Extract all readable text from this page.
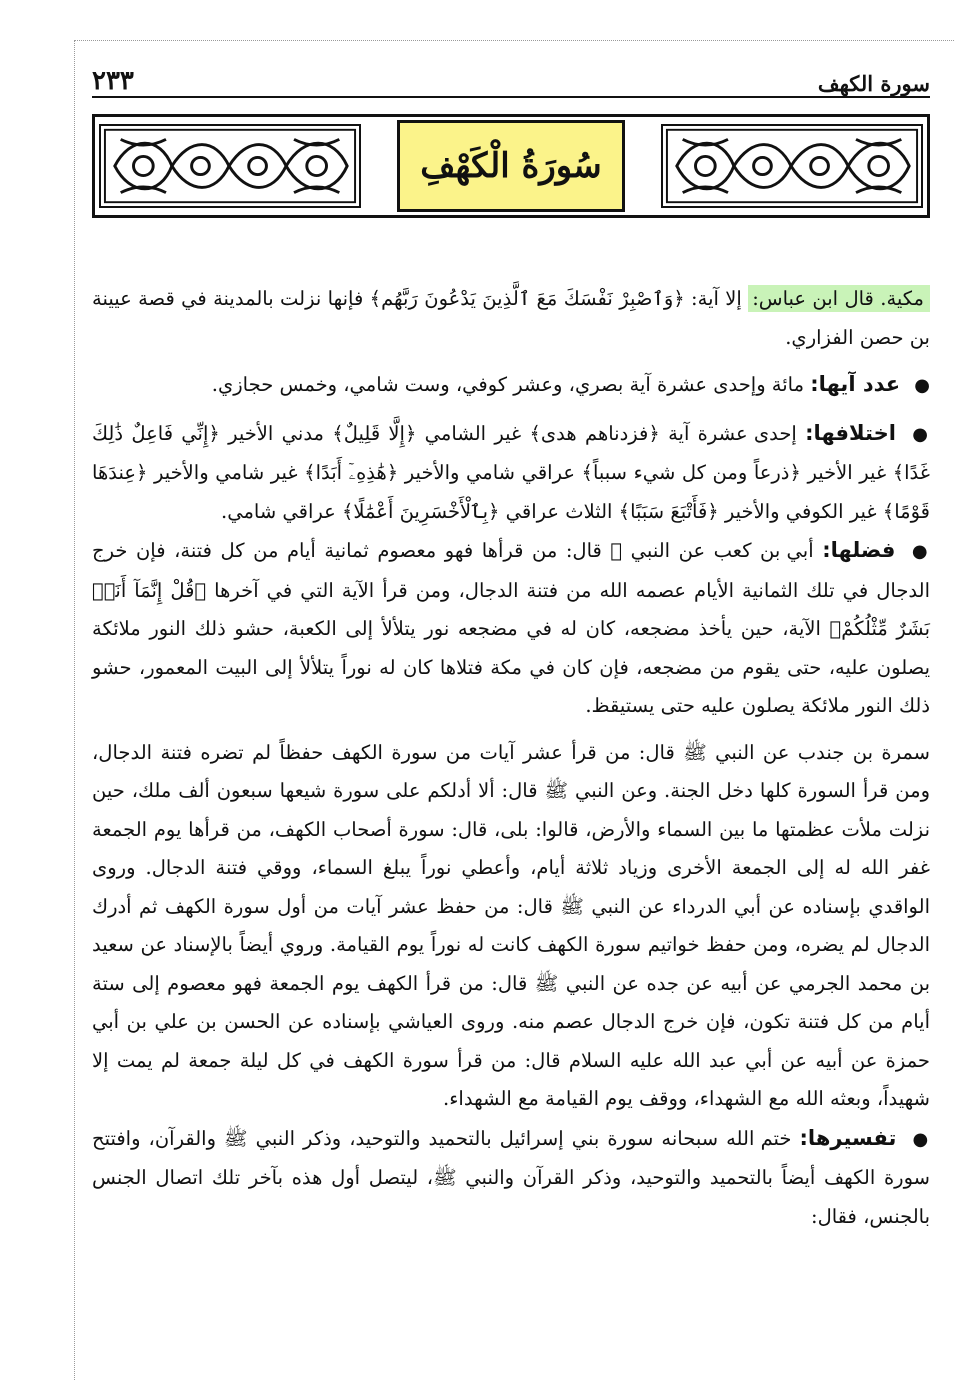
٢٣٣	سورة الكهف
سُورَةُ الْكَهْفِ

مكية. قال ابن عباس: إلا آية: ﴿وَٱصْبِرْ نَفْسَكَ مَعَ ٱلَّذِينَ يَدْعُونَ رَبَّهُم﴾ فإنها نزلت بالمدينة في قصة عيينة بن حصن الفزاري.

● عدد آيها: مائة وإحدى عشرة آية بصري، وعشر كوفي، وست شامي، وخمس حجازي.

● اختلافها: إحدى عشرة آية ﴿فزدناهم هدى﴾ غير الشامي ﴿إِلَّا قَلِيلٌ﴾ مدني الأخير ﴿إِنِّي فَاعِلٌ ذَٰلِكَ غَدًا﴾ غير الأخير ﴿ذرعاً ومن كل شيء سبباً﴾ عراقي شامي والأخير ﴿هَٰذِهِۦٓ أَبَدًا﴾ غير شامي والأخير ﴿عِندَهَا قَوْمًا﴾ غير الكوفي والأخير ﴿فَأَتْبَعَ سَبَبًا﴾ الثلاث عراقي ﴿بِٱلْأَخْسَرِينَ أَعْمَٰلًا﴾ عراقي شامي.

● فضلها: أبي بن كعب عن النبي ﷺ قال: من قرأها فهو معصوم ثمانية أيام من كل فتنة، فإن خرج الدجال في تلك الثمانية الأيام عصمه الله من فتنة الدجال، ومن قرأ الآية التي في آخرها ﴿قُلْ إِنَّمَآ أَنَا۠ بَشَرٌ مِّثْلُكُمْ﴾ الآية، حين يأخذ مضجعه، كان له في مضجعه نور يتلألأ إلى الكعبة، حشو ذلك النور ملائكة يصلون عليه، حتى يقوم من مضجعه، فإن كان في مكة فتلاها كان له نوراً يتلألأ إلى البيت المعمور، حشو ذلك النور ملائكة يصلون عليه حتى يستيقظ.

سمرة بن جندب عن النبي ﷺ قال: من قرأ عشر آيات من سورة الكهف حفظاً لم تضره فتنة الدجال، ومن قرأ السورة كلها دخل الجنة. وعن النبي ﷺ قال: ألا أدلكم على سورة شيعها سبعون ألف ملك، حين نزلت ملأت عظمتها ما بين السماء والأرض، قالوا: بلى، قال: سورة أصحاب الكهف، من قرأها يوم الجمعة غفر الله له إلى الجمعة الأخرى وزياد ثلاثة أيام، وأعطي نوراً يبلغ السماء، ووقي فتنة الدجال. وروى الواقدي بإسناده عن أبي الدرداء عن النبي ﷺ قال: من حفظ عشر آيات من أول سورة الكهف ثم أدرك الدجال لم يضره، ومن حفظ خواتيم سورة الكهف كانت له نوراً يوم القيامة. وروي أيضاً بالإسناد عن سعيد بن محمد الجرمي عن أبيه عن جده عن النبي ﷺ قال: من قرأ الكهف يوم الجمعة فهو معصوم إلى ستة أيام من كل فتنة تكون، فإن خرج الدجال عصم منه. وروى العياشي بإسناده عن الحسن بن علي بن أبي حمزة عن أبيه عن أبي عبد الله عليه السلام قال: من قرأ سورة الكهف في كل ليلة جمعة لم يمت إلا شهيداً، وبعثه الله مع الشهداء، ووقف يوم القيامة مع الشهداء.

● تفسيرها: ختم الله سبحانه سورة بني إسرائيل بالتحميد والتوحيد، وذكر النبي ﷺ والقرآن، وافتتح سورة الكهف أيضاً بالتحميد والتوحيد، وذكر القرآن والنبي ﷺ، ليتصل أول هذه بآخر تلك اتصال الجنس بالجنس، فقال:
